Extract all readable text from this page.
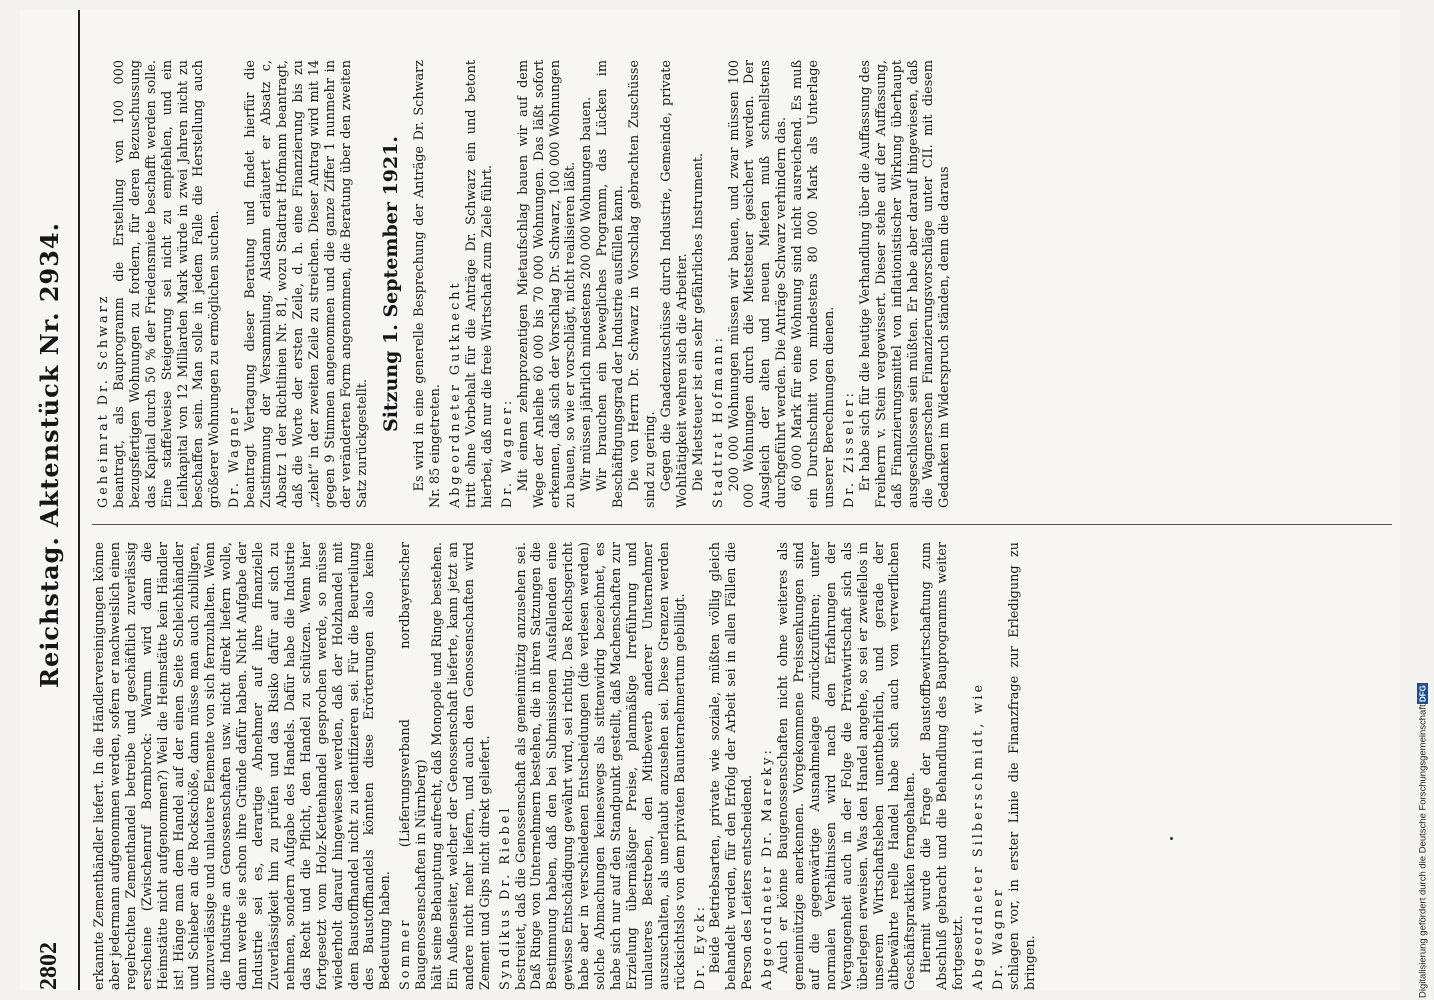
2802
Reichstag. Aktenstück Nr. 2934.

erkannte Zementhändler liefert. In die Händlervereinigungen könne aber jedermann aufgenommen werden, sofern er nachweislich einen regelrechten Zementhandel betreibe und geschäftlich zuverlässig erscheine (Zwischenruf Bormbrock: Warum wird dann die Heimstätte nicht aufgenommen?) Weil die Heimstätte kein Händler ist! Hänge man dem Handel auf der einen Seite Schleichhändler und Schieber an die Rockschöße, dann müsse man auch zubilligen, unzuverlässige und unlautere Elemente von sich fernzuhalten. Wenn die Industrie an Genossenschaften usw. nicht direkt liefern wolle, dann werde sie schon ihre Gründe dafür haben. Nicht Aufgabe der Industrie sei es, derartige Abnehmer auf ihre finanzielle Zuverlässigkeit hin zu prüfen und das Risiko dafür auf sich zu nehmen, sondern Aufgabe des Handels. Dafür habe die Industrie das Recht und die Pflicht, den Handel zu schützen. Wenn hier fortgesetzt vom Holz-Kettenhandel gesprochen werde, so müsse wiederholt darauf hingewiesen werden, daß der Holzhandel mit dem Baustoffhandel nicht zu identifizieren sei. Für die Beurteilung des Baustoffhandels könnten diese Erörterungen also keine Bedeutung haben. Sommer (Lieferungsverband nordbayerischer Baugenossenschaften in Nürnberg) hält seine Behauptung aufrecht, daß Monopole und Ringe bestehen. Ein Außenseiter, welcher der Genossenschaft lieferte, kann jetzt an andere nicht mehr liefern, und auch den Genossenschaften wird Zement und Gips nicht direkt geliefert. Syndikus Dr. Riebel bestreitet, daß die Genossenschaft als gemeinnützig anzusehen sei. Daß Ringe von Unternehmern bestehen, die in ihren Satzungen die Bestimmung haben, daß den bei Submissionen Ausfallenden eine gewisse Entschädigung gewährt wird, sei richtig. Das Reichsgericht habe aber in verschiedenen Entscheidungen (die verlesen werden) solche Abmachungen keineswegs als sittenwidrig bezeichnet, es habe sich nur auf den Standpunkt gestellt, daß Machenschaften zur Erzielung übermäßiger Preise, planmäßige Irreführung und unlauteres Bestreben, den Mitbewerb anderer Unternehmer auszuschalten, als unerlaubt anzusehen sei. Diese Grenzen werden rücksichtslos von dem privaten Baunternehmertum gebilligt. Dr. Eyck: Beide Betriebsarten, private wie soziale, müßten völlig gleich behandelt werden, für den Erfolg der Arbeit sei in allen Fällen die Person des Leiters entscheidend. Abgeordneter Dr. Mareky: Auch er könne Baugenossenschaften nicht ohne weiteres als gemeinnützige anerkennen. Vorgekommene Preissenkungen sind auf die gegenwärtige Ausnahmelage zurückzuführen; unter normalen Verhältnissen wird nach den Erfahrungen der Vergangenheit auch in der Folge die Privatwirtschaft sich als überlegen erweisen. Was den Handel angehe, so sei er zweifellos in unserem Wirtschaftsleben unentbehrlich, und gerade der altbewährte reelle Handel habe sich auch von verwerflichen Geschäftspraktiken ferngehalten. Hiermit wurde die Frage der Baustoffbewirtschaftung zum Abschluß gebracht und die Behandlung des Bauprogramms weiter fortgesetzt. Abgeordneter Silberschmidt, wie Dr. Wagner schlagen vor, in erster Linie die Finanzfrage zur Erledigung zu bringen.

Geheimrat Dr. Schwarz beantragt, als Bauprogramm die Erstellung von 100 000 bezugsfertigen Wohnungen zu fordern, für deren Bezuschussung das Kapital durch 50 % der Friedensmiete beschafft werden solle. Eine staffelweise Steigerung sei nicht zu empfehlen, und ein Leihkapital von 12 Milliarden Mark würde in zwei Jahren nicht zu beschaffen sein. Man solle in jedem Falle die Herstellung auch größerer Wohnungen zu ermöglichen suchen. Dr. Wagner beantragt Vertagung dieser Beratung und findet hierfür die Zustimmung der Versammlung. Alsdann erläutert er Absatz c, Absatz 1 der Richtlinien Nr. 81, wozu Stadtrat Hofmann beantragt, daß die Worte der ersten Zeile, d. h. eine Finanzierung bis zu „zieht“ in der zweiten Zeile zu streichen. Dieser Antrag wird mit 14 gegen 9 Stimmen angenommen und die ganze Ziffer 1 nunmehr in der veränderten Form angenommen, die Beratung über den zweiten Satz zurückgestellt.

Sitzung 1. September 1921. Es wird in eine generelle Besprechung der Anträge Dr. Schwarz Nr. 85 eingetreten. Abgeordneter Gutknecht tritt ohne Vorbehalt für die Anträge Dr. Schwarz ein und betont hierbei, daß nur die freie Wirtschaft zum Ziele führt. Dr. Wagner: Mit einem zehnprozentigen Mietaufschlag bauen wir auf dem Wege der Anleihe 60 000 bis 70 000 Wohnungen. Das läßt sofort erkennen, daß sich der Vorschlag Dr. Schwarz, 100 000 Wohnungen zu bauen, so wie er vorschlägt, nicht realisieren läßt. Wir müssen jährlich mindestens 200 000 Wohnungen bauen. Wir brauchen ein bewegliches Programm, das Lücken im Beschäftigungsgrad der Industrie ausfüllen kann. Die von Herrn Dr. Schwarz in Vorschlag gebrachten Zuschüsse sind zu gering. Gegen die Gnadenzuschüsse durch Industrie, Gemeinde, private Wohltätigkeit wehren sich die Arbeiter. Die Mietsteuer ist ein sehr gefährliches Instrument. Stadtrat Hofmann: 200 000 Wohnungen müssen wir bauen, und zwar müssen 100 000 Wohnungen durch die Mietsteuer gesichert werden. Der Ausgleich der alten und neuen Mieten muß schnellstens durchgeführt werden. Die Anträge Schwarz verhindern das. 60 000 Mark für eine Wohnung sind nicht ausreichend. Es muß ein Durchschnitt von mindestens 80 000 Mark als Unterlage unserer Berechnungen dienen. Dr. Zisseler: Er habe sich für die heutige Verhandlung über die Auffassung des Freiherrn v. Stein vergewissert. Dieser stehe auf der Auffassung, daß Finanzierungsmittel von inflationistischer Wirkung überhaupt ausgeschlossen sein müßten. Er habe aber darauf hingewiesen, daß die Wagnerschen Finanzierungsvorschläge unter CII. mit diesem Gedanken im Widerspruch ständen, denn die daraus

Digitalisierung gefördert durch die Deutsche Forschungsgemeinschaft
DFG
